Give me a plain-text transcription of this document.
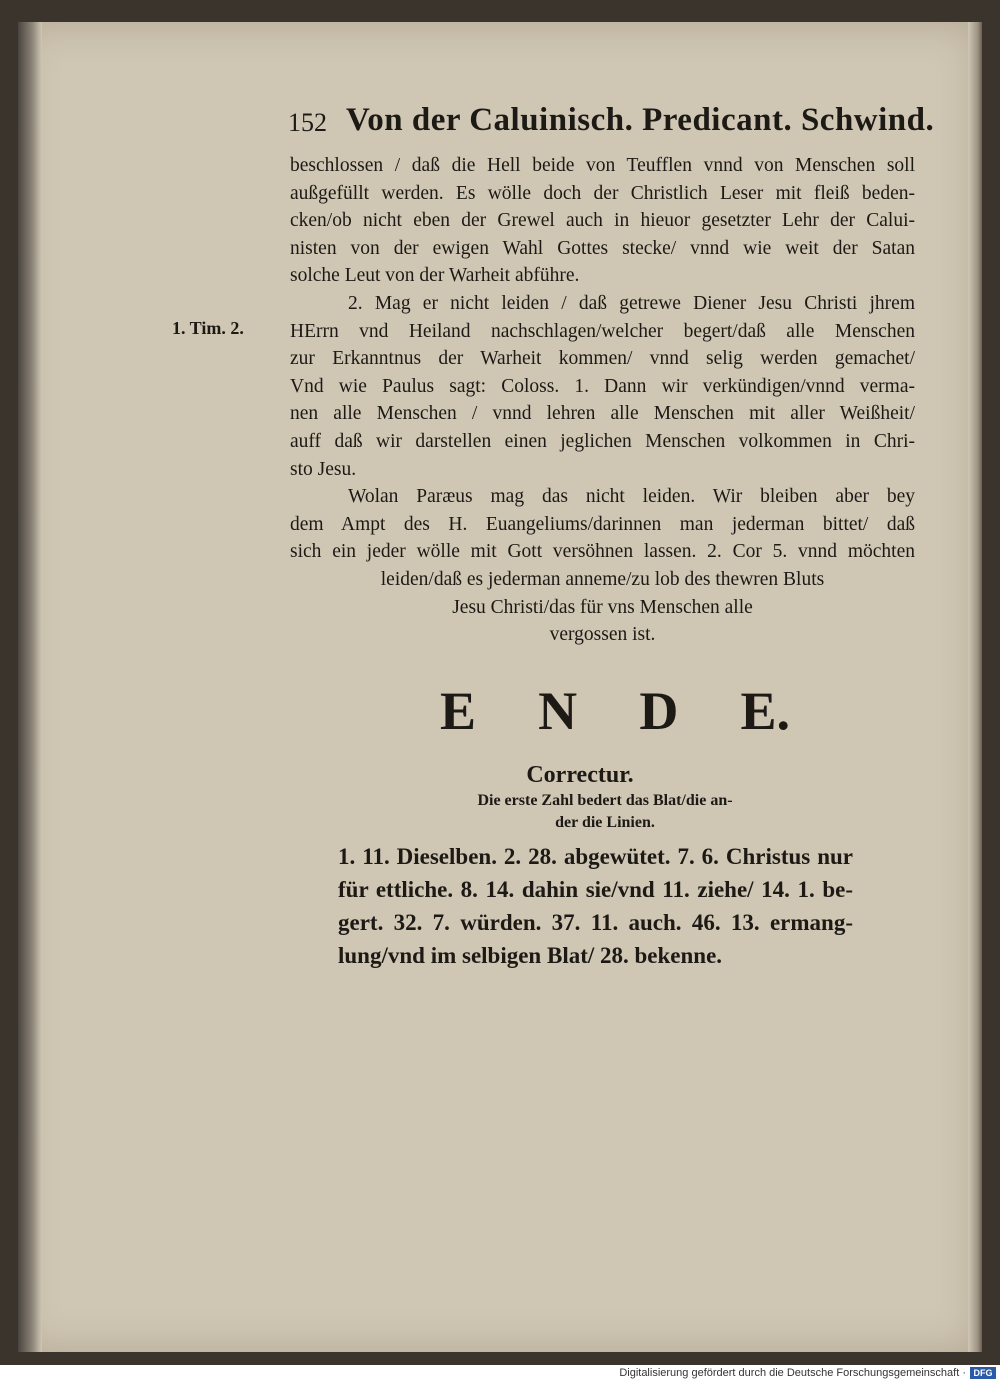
152 Von der Caluinisch. Predicant. Schwind.
1. Tim. 2.
beschlossen / daß die Hell beide von Teufflen vnnd von Menschen soll
außgefüllt werden. Es wölle doch der Christlich Leser mit fleiß beden-
cken/ob nicht eben der Grewel auch in hieuor gesetzter Lehr der Calui-
nisten von der ewigen Wahl Gottes stecke/ vnnd wie weit der Satan
solche Leut von der Warheit abführe.
2. Mag er nicht leiden / daß getrewe Diener Jesu Christi jhrem
HErrn vnd Heiland nachschlagen/welcher begert/daß alle Menschen
zur Erkanntnus der Warheit kommen/ vnnd selig werden gemachet/
Vnd wie Paulus sagt: Coloss. 1. Dann wir verkündigen/vnnd verma-
nen alle Menschen / vnnd lehren alle Menschen mit aller Weißheit/
auff daß wir darstellen einen jeglichen Menschen volkommen in Chri-
sto Jesu.
Wolan Paræus mag das nicht leiden. Wir bleiben aber bey
dem Ampt des H. Euangeliums/darinnen man jederman bittet/ daß
sich ein jeder wölle mit Gott versöhnen lassen. 2. Cor 5. vnnd möchten
leiden/daß es jederman anneme/zu lob des thewren Bluts
Jesu Christi/das für vns Menschen alle
vergossen ist.
E N D E.
Correctur.
Die erste Zahl bedert das Blat/die an-
der die Linien.
1. 11. Dieselben. 2. 28. abgewütet. 7. 6. Christus nur
für ettliche. 8. 14. dahin sie/vnd 11. ziehe/ 14. 1. be-
gert. 32. 7. würden. 37. 11. auch. 46. 13. ermang-
lung/vnd im selbigen Blat/ 28. bekenne.
Digitalisierung gefördert durch die Deutsche Forschungsgemeinschaft · DFG
